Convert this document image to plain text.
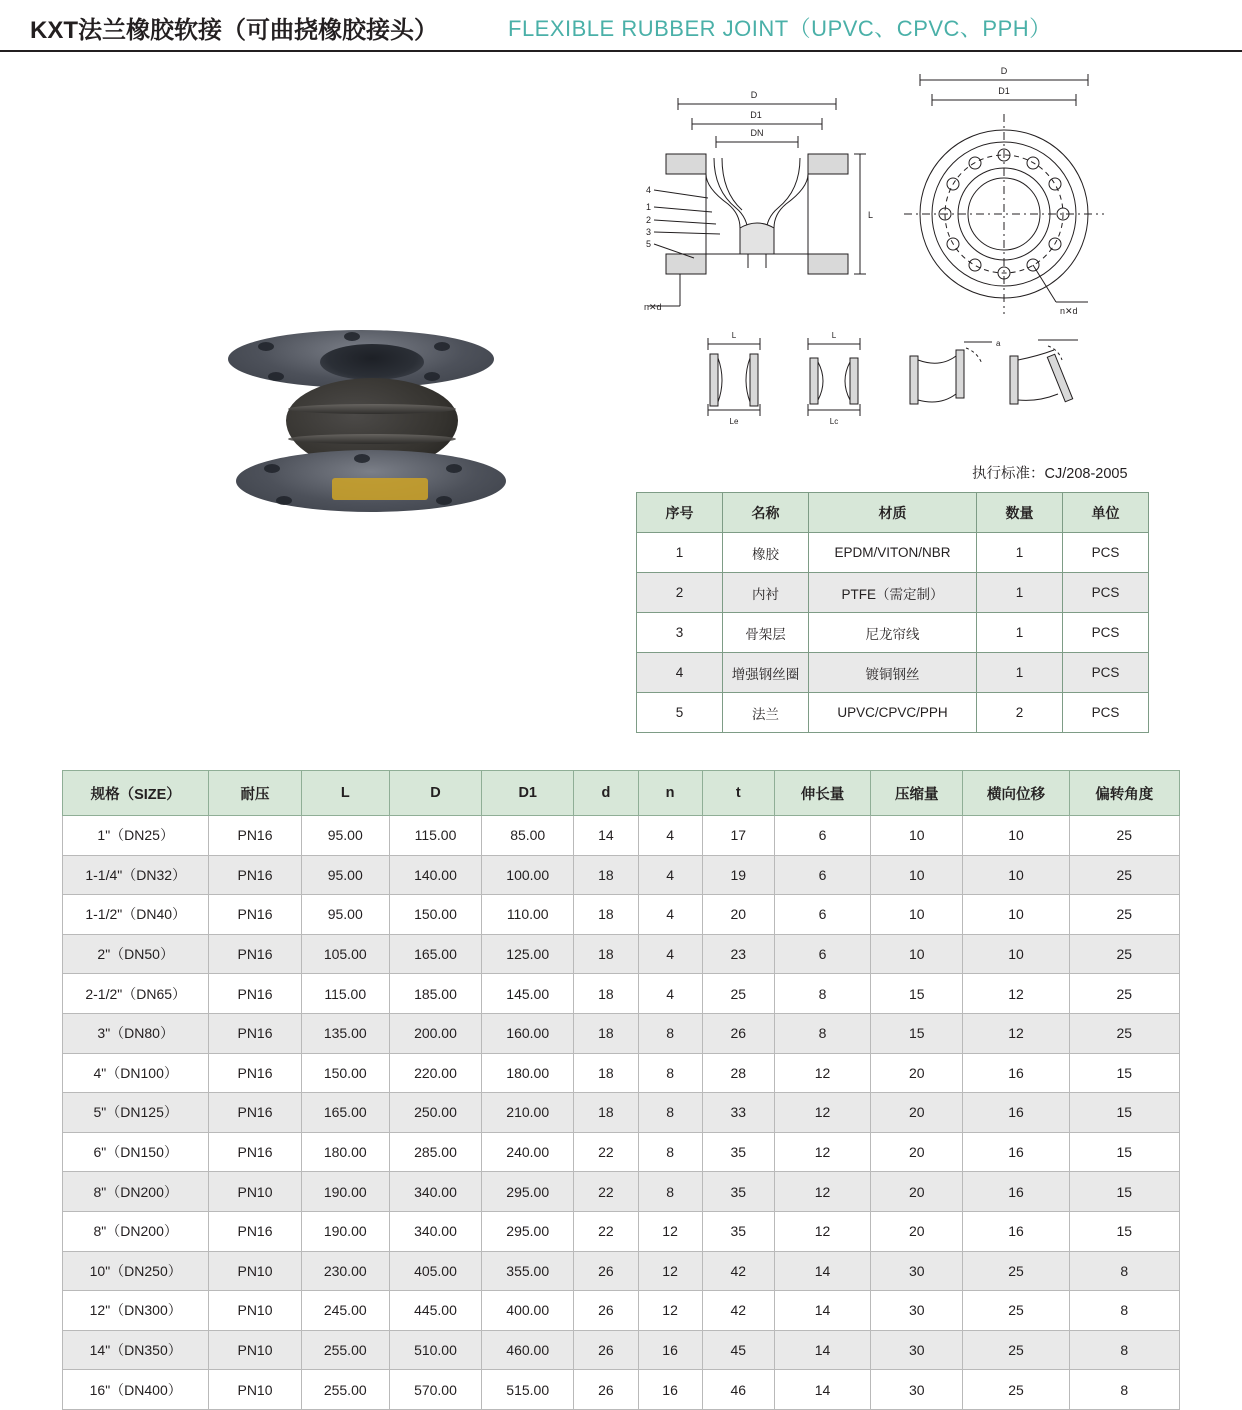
KXT法兰橡胶软接（可曲挠橡胶接头）	FLEXIBLE RUBBER JOINT（UPVC、CPVC、PPH）
D
D1
DN
4
1
2
3
5
L
n✕d
D
D1
n✕d
L
Le
L
Lc
a
执行标准：CJ/208-2005
序号	名称	材质	数量	单位
1	橡胶	EPDM/VITON/NBR	1	PCS
2	内衬	PTFE（需定制）	1	PCS
3	骨架层	尼龙帘线	1	PCS
4	增强钢丝圈	镀铜钢丝	1	PCS
5	法兰	UPVC/CPVC/PPH	2	PCS
规格（SIZE）	耐压	L	D	D1	d	n	t	伸长量	压缩量	横向位移	偏转角度
1"（DN25）	PN16	95.00	115.00	85.00	14	4	17	6	10	10	25
1-1/4"（DN32）	PN16	95.00	140.00	100.00	18	4	19	6	10	10	25
1-1/2"（DN40）	PN16	95.00	150.00	110.00	18	4	20	6	10	10	25
2"（DN50）	PN16	105.00	165.00	125.00	18	4	23	6	10	10	25
2-1/2"（DN65）	PN16	115.00	185.00	145.00	18	4	25	8	15	12	25
3"（DN80）	PN16	135.00	200.00	160.00	18	8	26	8	15	12	25
4"（DN100）	PN16	150.00	220.00	180.00	18	8	28	12	20	16	15
5"（DN125）	PN16	165.00	250.00	210.00	18	8	33	12	20	16	15
6"（DN150）	PN16	180.00	285.00	240.00	22	8	35	12	20	16	15
8"（DN200）	PN10	190.00	340.00	295.00	22	8	35	12	20	16	15
8"（DN200）	PN16	190.00	340.00	295.00	22	12	35	12	20	16	15
10"（DN250）	PN10	230.00	405.00	355.00	26	12	42	14	30	25	8
12"（DN300）	PN10	245.00	445.00	400.00	26	12	42	14	30	25	8
14"（DN350）	PN10	255.00	510.00	460.00	26	16	45	14	30	25	8
16"（DN400）	PN10	255.00	570.00	515.00	26	16	46	14	30	25	8
